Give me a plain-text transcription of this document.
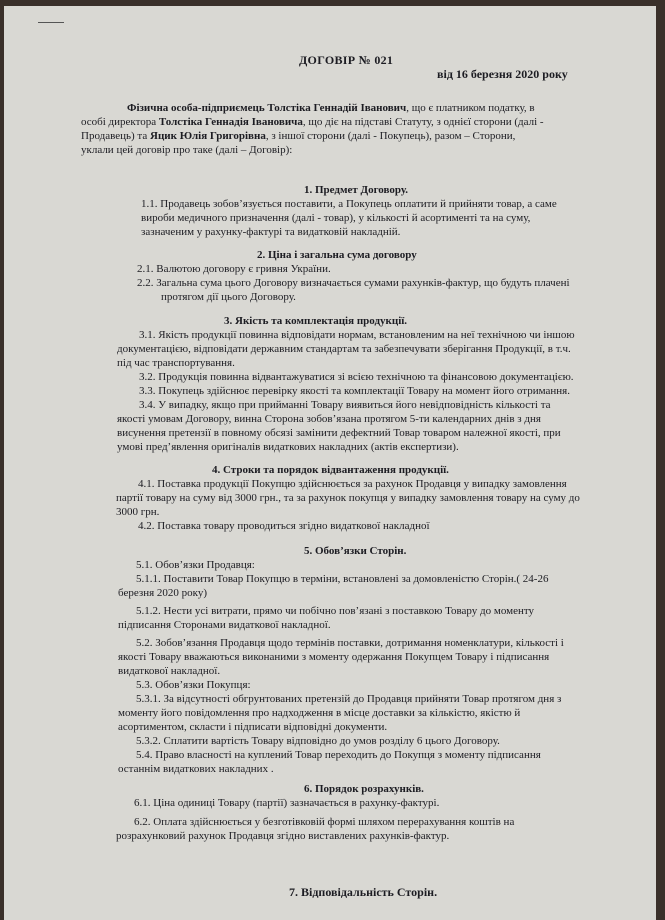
ДОГОВІР № 021
від 16 березня 2020 року
Фізична особа-підприємець Толстіка Геннадій Іванович, що є платником податку, в
особі директора Толстіка Геннадія Івановича, що діє на підставі Статуту, з однієї сторони (далі -
Продавець) та Яцик Юлія Григорівна, з іншої сторони (далі - Покупець), разом – Сторони,
уклали цей договір про таке (далі – Договір):
1. Предмет Договору.
1.1. Продавець зобов’язується поставити, а Покупець оплатити й прийняти товар, а саме
вироби медичного призначення (далі - товар), у кількості й асортименті та на суму,
зазначеним у рахунку-фактурі та видатковій накладній.
2. Ціна і загальна сума договору
2.1. Валютою договору є гривня України.
2.2. Загальна сума цього Договору визначається сумами рахунків-фактур, що будуть плачені
протягом дії цього Договору.
3. Якість та комплектація продукції.
3.1. Якість продукції повинна відповідати нормам, встановленим на неї технічною чи іншою
документацією, відповідати державним стандартам та забезпечувати зберігання Продукції, в т.ч.
під час транспортування.
3.2. Продукція повинна відвантажуватися зі всією технічною та фінансовою документацією.
3.3. Покупець здійснює перевірку якості та комплектації Товару на момент його отримання.
3.4. У випадку, якщо при прийманні Товару виявиться його невідповідність кількості та
якості умовам Договору, винна Сторона зобов’язана протягом 5-ти календарних днів з дня
висунення претензії в повному обсязі замінити дефектний Товар товаром належної якості, при
умові пред’явлення оригіналів видаткових накладних (актів експертизи).
4. Строки та порядок відвантаження продукції.
4.1. Поставка продукції Покупцю здійснюється за рахунок Продавця у випадку замовлення
партії товару на суму від 3000 грн., та за рахунок покупця у випадку замовлення товару на суму до
3000 грн.
4.2. Поставка товару проводиться згідно видаткової накладної
5. Обов’язки Сторін.
5.1. Обов’язки Продавця:
5.1.1. Поставити Товар Покупцю в терміни, встановлені за домовленістю Сторін.( 24-26
березня 2020 року)
5.1.2. Нести усі витрати, прямо чи побічно пов’язані з поставкою Товару до моменту
підписання Сторонами видаткової накладної.
5.2. Зобов’язання Продавця щодо термінів поставки, дотримання номенклатури, кількості і
якості Товару вважаються виконаними з моменту одержання Покупцем Товару і підписання
видаткової накладної.
5.3. Обов’язки Покупця:
5.3.1. За відсутності обгрунтованих претензій до Продавця прийняти Товар протягом дня з
моменту його повідомлення про надходження в місце доставки за кількістю, якістю й
асортиментом, скласти і підписати відповідні документи.
5.3.2. Сплатити вартість Товару відповідно до умов розділу 6 цього Договору.
5.4. Право власності на куплений Товар переходить до Покупця з моменту підписання
останнім видаткових накладних .
6. Порядок розрахунків.
6.1. Ціна одиниці Товару (партії) зазначається в рахунку-фактурі.
6.2. Оплата здійснюється у безготівковій формі шляхом перерахування коштів на
розрахунковий рахунок Продавця згідно виставлених рахунків-фактур.
7. Відповідальність Сторін.
